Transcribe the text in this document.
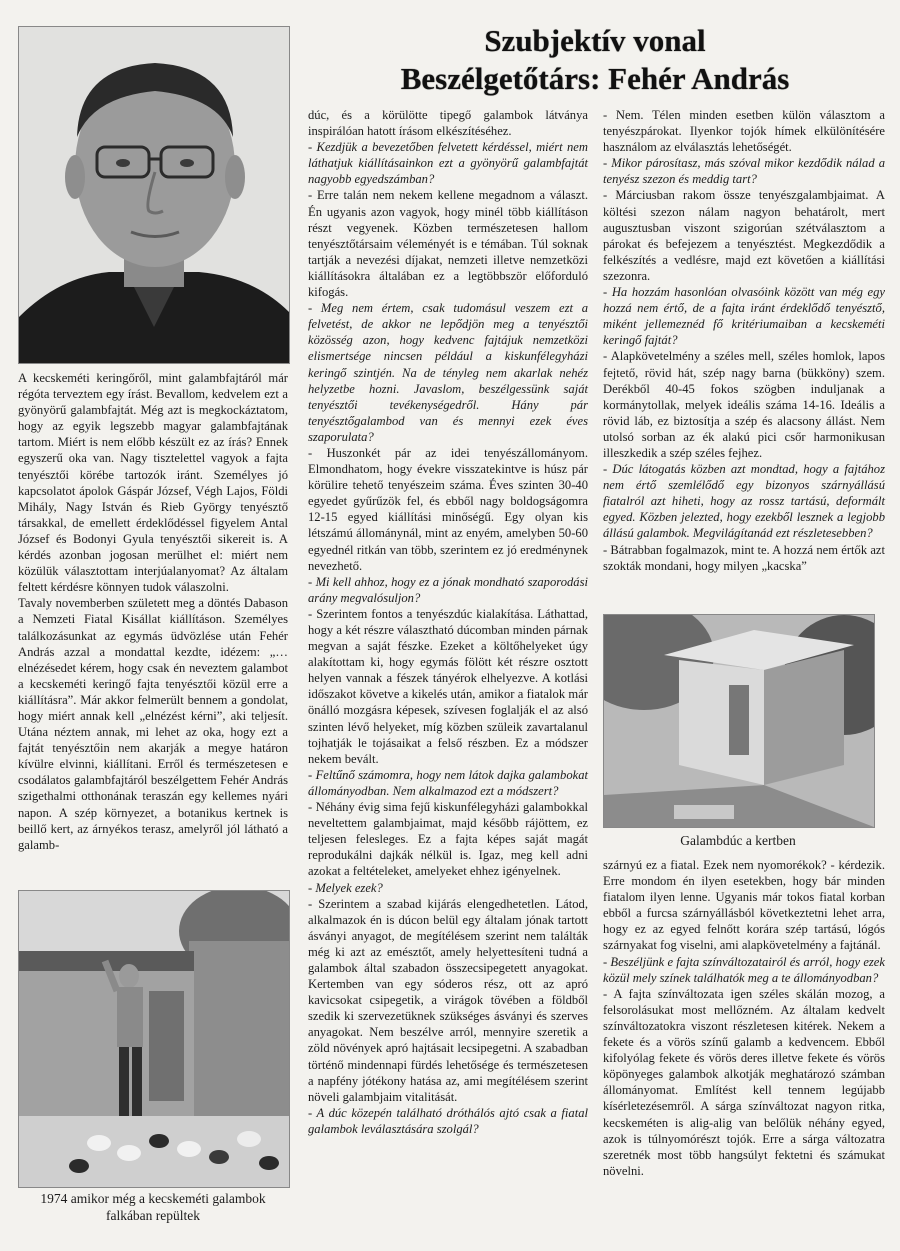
Szubjektív vonal
Beszélgetőtárs: Fehér András

A kecskeméti keringőről, mint galambfajtáról már régóta terveztem egy írást. Bevallom, kedvelem ezt a gyönyörű galambfajtát. Még azt is megkockáztatom, hogy az egyik legszebb magyar galambfajtának tartom. Miért is nem előbb készült ez az írás? Ennek egyszerű oka van. Nagy tisztelettel vagyok a fajta tenyésztői körébe tartozók iránt. Személyes jó kapcsolatot ápolok Gáspár József, Végh Lajos, Földi Mihály, Nagy István és Rieb György tenyésztő társakkal, de emellett érdeklődéssel figyelem Antal József és Bodonyi Gyula tenyésztői sikereit is. A kérdés azonban jogosan merülhet el: miért nem közülük választottam interjúalanyomat? Az általam feltett kérdésre könnyen tudok válaszolni.

Tavaly novemberben született meg a döntés Dabason a Nemzeti Fiatal Kisállat kiállításon. Személyes találkozásunkat az egymás üdvözlése után Fehér András azzal a mondattal kezdte, idézem: „… elnézésedet kérem, hogy csak én neveztem galambot a kecskeméti keringő fajta tenyésztői közül erre a kiállításra”. Már akkor felmerült bennem a gondolat, hogy miért annak kell „elnézést kérni”, aki teljesít. Utána néztem annak, mi lehet az oka, hogy ezt a fajtát tenyésztőin nem akarják a megye határon kívülre elvinni, kiállítani. Erről és természetesen e csodálatos galambfajtáról beszélgettem Fehér András szigethalmi otthonának teraszán egy kellemes nyári napon. A szép környezet, a botanikus kertnek is beillő kert, az árnyékos terasz, amelyről jól látható a galamb-

1974 amikor még a kecskeméti galambok falkában repültek

dúc, és a körülötte tipegő galambok látványa inspirálóan hatott írásom elkészítéséhez.

- Kezdjük a bevezetőben felvetett kérdéssel, miért nem láthatjuk kiállításainkon ezt a gyönyörű galambfajtát nagyobb egyedszámban?

- Erre talán nem nekem kellene megadnom a választ. Én ugyanis azon vagyok, hogy minél több kiállításon részt vegyenek. Közben természetesen hallom tenyésztőtársaim véleményét is e témában. Túl soknak tartják a nevezési díjakat, nemzeti illetve nemzetközi kiállításokra általában ez a legtöbbször előforduló kifogás.

- Meg nem értem, csak tudomásul veszem ezt a felvetést, de akkor ne lepődjön meg a tenyésztői közösség azon, hogy kedvenc fajtájuk nemzetközi elismertsége nincsen például a kiskunfélegyházi keringő szintjén. Na de tényleg nem akarlak nehéz helyzetbe hozni. Javaslom, beszélgessünk saját tenyésztői tevékenységedről. Hány pár tenyésztőgalambod van és mennyi ezek éves szaporulata?

- Huszonkét pár az idei tenyészállományom. Elmondhatom, hogy évekre visszatekintve is húsz pár körülire tehető tenyészeim száma. Éves szinten 30-40 egyedet gyűrűzök fel, és ebből nagy boldogságomra 12-15 egyed kiállítási minőségű. Egy olyan kis létszámú állománynál, mint az enyém, amelyben 50-60 egyednél ritkán van több, szerintem ez jó eredménynek nevezhető.

- Mi kell ahhoz, hogy ez a jónak mondható szaporodási arány megvalósuljon?

- Szerintem fontos a tenyészdúc kialakítása. Láthattad, hogy a két részre választható dúcomban minden párnak megvan a saját fészke. Ezeket a költőhelyeket úgy alakítottam ki, hogy egymás fölött két részre osztott helyen vannak a fészek tányérok elhelyezve. A kotlási időszakot követve a kikelés után, amikor a fiatalok már önálló mozgásra képesek, szívesen foglalják el az alsó szinten lévő helyeket, míg közben szüleik zavartalanul tojhatják le tojásaikat a felső részben. Ez a módszer nekem bevált.

- Feltűnő számomra, hogy nem látok dajka galambokat állományodban. Nem alkalmazod ezt a módszert?

- Néhány évig sima fejű kiskunfélegyházi galambokkal neveltettem galambjaimat, majd később rájöttem, ez teljesen felesleges. Ez a fajta képes saját magát reprodukálni dajkák nélkül is. Igaz, meg kell adni azokat a feltételeket, amelyeket ehhez igényelnek.

- Melyek ezek?

- Szerintem a szabad kijárás elengedhetetlen. Látod, alkalmazok én is dúcon belül egy általam jónak tartott ásványi anyagot, de megítélésem szerint nem találták még ki azt az emésztőt, amely helyettesíteni tudná a galambok által szabadon összecsipegetett anyagokat. Kertemben van egy sóderos rész, ott az apró kavicsokat csipegetik, a virágok tövében a földből szedik ki szervezetüknek szükséges ásványi és szerves anyagokat. Nem beszélve arról, mennyire szeretik a zöld növények apró hajtásait lecsipegetni. A szabadban történő mindennapi fürdés lehetősége és természetesen a napfény jótékony hatása az, ami megítélésem szerint növeli galambjaim vitalitását.

- A dúc közepén található dróthálós ajtó csak a fiatal galambok leválasztására szolgál?

- Nem. Télen minden esetben külön választom a tenyészpárokat. Ilyenkor tojók hímek elkülönítésére használom az elválasztás lehetőségét.

- Mikor párosítasz, más szóval mikor kezdődik nálad a tenyész szezon és meddig tart?

- Márciusban rakom össze tenyészgalambjaimat. A költési szezon nálam nagyon behatárolt, mert augusztusban viszont szigorúan szétválasztom a párokat és befejezem a tenyésztést. Megkezdődik a felkészítés a vedlésre, majd ezt követően a kiállítási szezonra.

- Ha hozzám hasonlóan olvasóink között van még egy hozzá nem értő, de a fajta iránt érdeklődő tenyésztő, miként jellemeznéd fő kritériumaiban a kecskeméti keringő fajtát?

- Alapkövetelmény a széles mell, széles homlok, lapos fejtető, rövid hát, szép nagy barna (bükköny) szem. Derékből 40-45 fokos szögben induljanak a kormánytollak, melyek ideális száma 14-16. Ideális a rövid láb, ez biztosítja a szép és alacsony állást. Nem utolsó sorban az ék alakú pici csőr harmonikusan illeszkedik a szép széles fejhez.

- Dúc látogatás közben azt mondtad, hogy a fajtához nem értő szemlélődő egy bizonyos szárnyállású fiatalról azt hiheti, hogy az rossz tartású, deformált egyed. Közben jelezted, hogy ezekből lesznek a legjobb állású galambok. Megvilágítanád ezt részletesebben?

- Bátrabban fogalmazok, mint te. A hozzá nem értők azt szokták mondani, hogy milyen „kacska”

Galambdúc a kertben

szárnyú ez a fiatal. Ezek nem nyomorékok? - kérdezik. Erre mondom én ilyen esetekben, hogy bár minden fiatalom ilyen lenne. Ugyanis már tokos fiatal korban ebből a furcsa szárnyállásból következtetni lehet arra, hogy ez az egyed felnőtt korára szép tartású, lógós szárnyakat fog viselni, ami alapkövetelmény a fajtánál.

- Beszéljünk e fajta színváltozatairól és arról, hogy ezek közül mely színek találhatók meg a te állományodban?

- A fajta színváltozata igen széles skálán mozog, a felsorolásukat most mellőzném. Az általam kedvelt színváltozatokra viszont részletesen kitérek. Nekem a fekete és a vörös színű galamb a kedvencem. Ebből kifolyólag fekete és vörös deres illetve fekete és vörös köpönyeges galambok alkotják meghatározó számban állományomat. Említést kell tennem legújabb kísérletezésemről. A sárga színváltozat nagyon ritka, kecskeméten is alig-alig van belőlük néhány egyed, azok is túlnyomórészt tojók. Erre a sárga változatra szeretnék most több hangsúlyt fektetni és számukat növelni.
